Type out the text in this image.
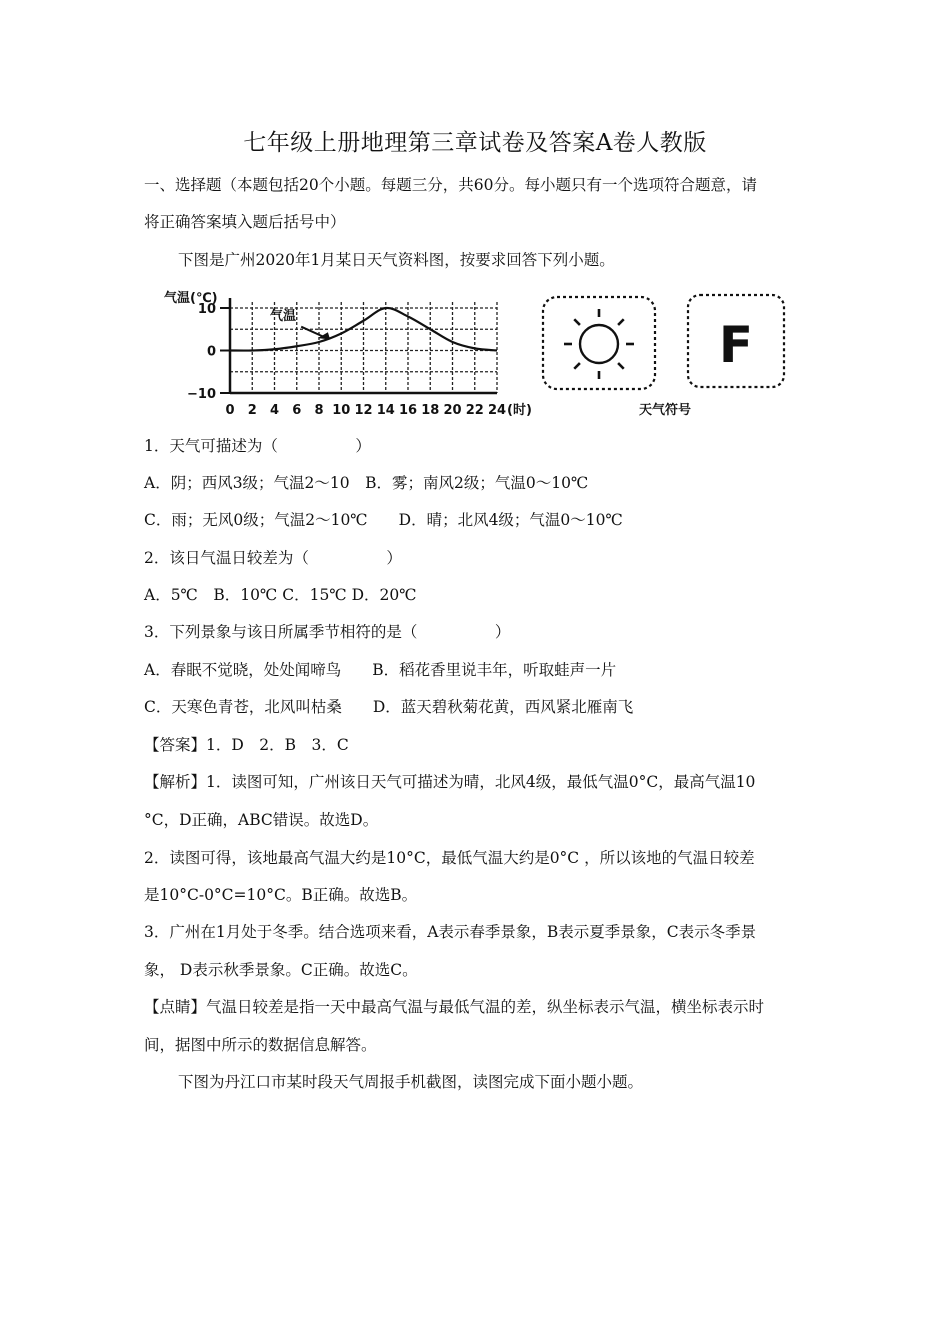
七年级上册地理第三章试卷及答案A卷人教版
一、选择题（本题包括20个小题。每题三分，共60分。每小题只有一个选项符合题意，请
将正确答案填入题后括号中）
下图是广州2020年1月某日天气资料图，按要求回答下列小题。
气温(℃)
10
0
−10
0 2 4 6 8 10 12 14 16 18 20 22 24 (时)
气温	F
天气符号
1．天气可描述为（　　　　　）
A．阴；西风3级；气温2～10　B．雾；南风2级；气温0～10℃
C．雨；无风0级；气温2～10℃　　D．晴；北风4级；气温0～10℃
2．该日气温日较差为（　　　　　）
A．5℃　B．10℃ C．15℃ D．20℃
3．下列景象与该日所属季节相符的是（　　　　　）
A．春眠不觉晓，处处闻啼鸟　　B．稻花香里说丰年，听取蛙声一片
C．天寒色青苍，北风叫枯桑　　D．蓝天碧秋菊花黄，西风紧北雁南飞
【答案】1．D　2．B　3．C
【解析】1．读图可知，广州该日天气可描述为晴，北风4级，最低气温0°C，最高气温10
°C，D正确，ABC错误。故选D。
2．读图可得，该地最高气温大约是10°C，最低气温大约是0°C ，所以该地的气温日较差
是10°C-0°C=10°C。B正确。故选B。
3．广州在1月处于冬季。结合选项来看，A表示春季景象，B表示夏季景象，C表示冬季景
象， D表示秋季景象。C正确。故选C。
【点睛】气温日较差是指一天中最高气温与最低气温的差，纵坐标表示气温，横坐标表示时
间，据图中所示的数据信息解答。
下图为丹江口市某时段天气周报手机截图，读图完成下面小题小题。
